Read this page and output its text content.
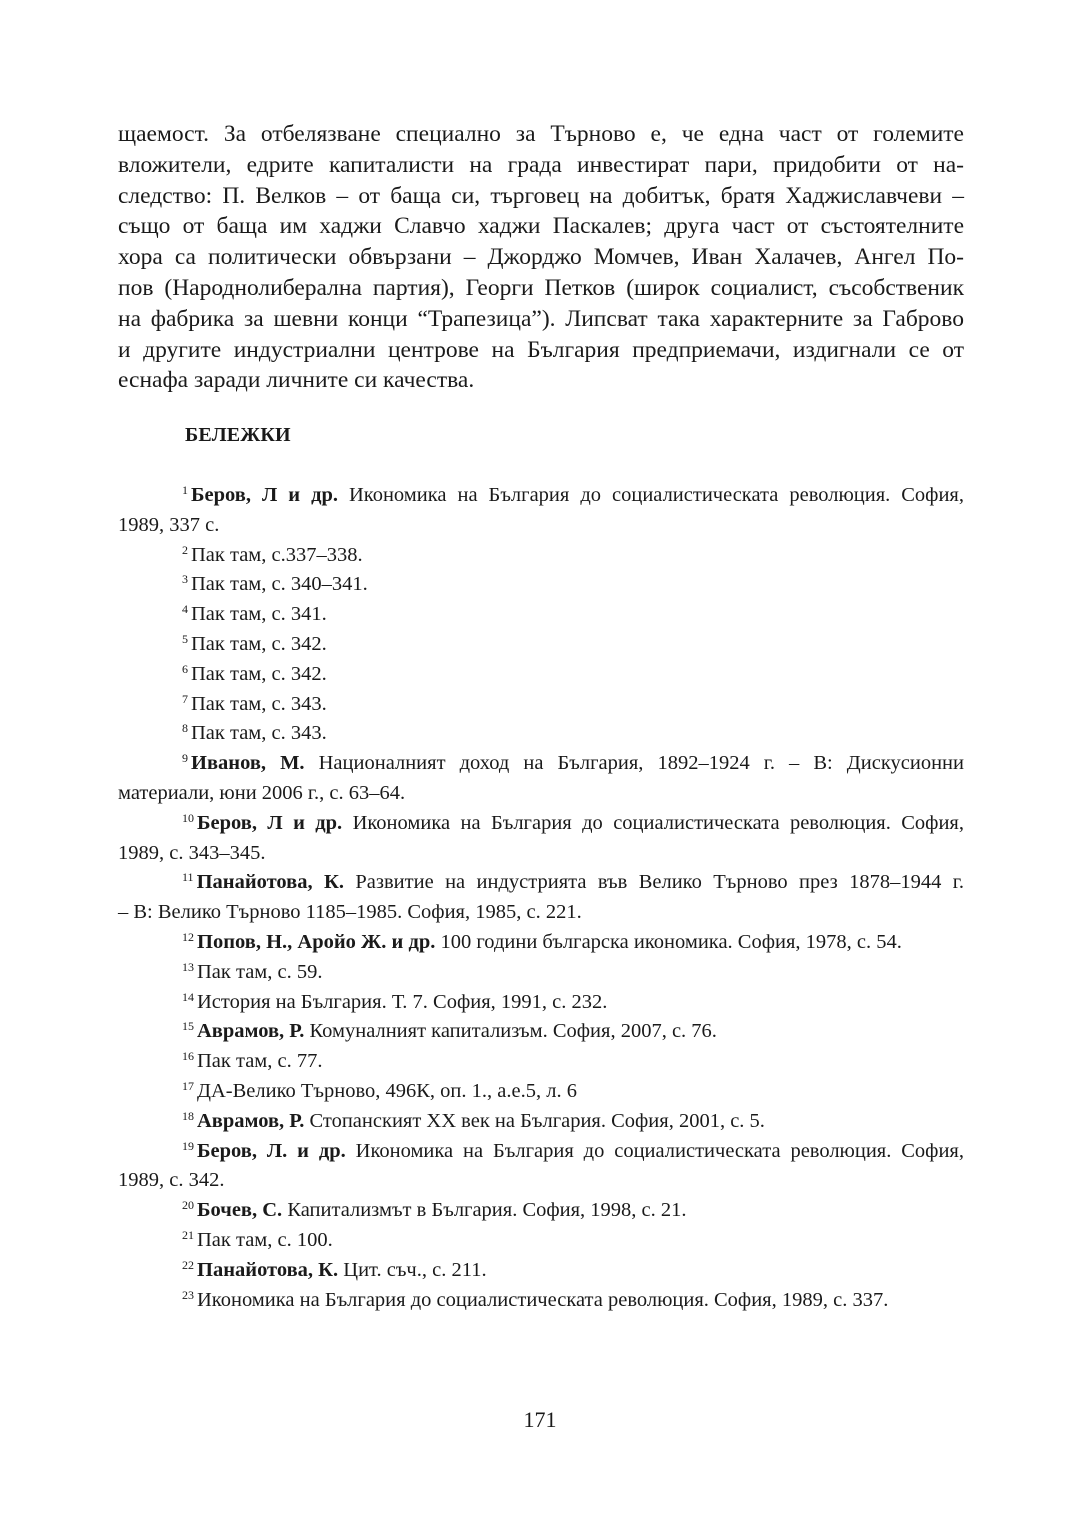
щаемост. За отбелязване специално за Търново е, че една част от големите
вложители, едрите капиталисти на града инвестират пари, придобити от на-
следство: П. Велков – от баща си, търговец на добитък, братя Хаджиславчеви –
също от баща им хаджи Славчо хаджи Паскалев; друга част от състоятелните
хора са политически обвързани – Джорджо Момчев, Иван Халачев, Ангел По-
пов (Народнолиберална партия), Георги Петков (широк социалист, съсобственик
на фабрика за шевни конци “Трапезица”). Липсват така характерните за Габрово
и другите индустриални центрове на България предприемачи, издигнали се от
еснафа заради личните си качества.
БЕЛЕЖКИ
$^1$ Беров, Л и др. Икономика на България до социалистическата революция. София,
1989, 337 с.
$^2$ Пак там, с.337–338.
$^3$ Пак там, с. 340–341.
$^4$ Пак там, с. 341.
$^5$ Пак там, с. 342.
$^6$ Пак там, с. 342.
$^7$ Пак там, с. 343.
$^8$ Пак там, с. 343.
$^9$ Иванов, М. Националният доход на България, 1892–1924 г. – В: Дискусионни
материали, юни 2006 г., с. 63–64.
$^{10}$ Беров, Л и др. Икономика на България до социалистическата революция. София,
1989, с. 343–345.
$^{11}$ Панайотова, К. Развитие на индустрията във Велико Търново през 1878–1944 г.
– В: Велико Търново 1185–1985. София, 1985, с. 221.
$^{12}$ Попов, Н., Аройо Ж. и др. 100 години българска икономика. София, 1978, с. 54.
$^{13}$ Пак там, с. 59.
$^{14}$ История на България. Т. 7. София, 1991, с. 232.
$^{15}$ Аврамов, Р. Комуналният капитализъм. София, 2007, с. 76.
$^{16}$ Пак там, с. 77.
$^{17}$ ДА-Велико Търново, 496К, оп. 1., а.е.5, л. 6
$^{18}$ Аврамов, Р. Стопанският XX век на България. София, 2001, с. 5.
$^{19}$ Беров, Л. и др. Икономика на България до социалистическата революция. София,
1989, с. 342.
$^{20}$ Бочев, С. Капитализмът в България. София, 1998, с. 21.
$^{21}$ Пак там, с. 100.
$^{22}$ Панайотова, К. Цит. съч., с. 211.
$^{23}$ Икономика на България до социалистическата революция. София, 1989, с. 337.
171
